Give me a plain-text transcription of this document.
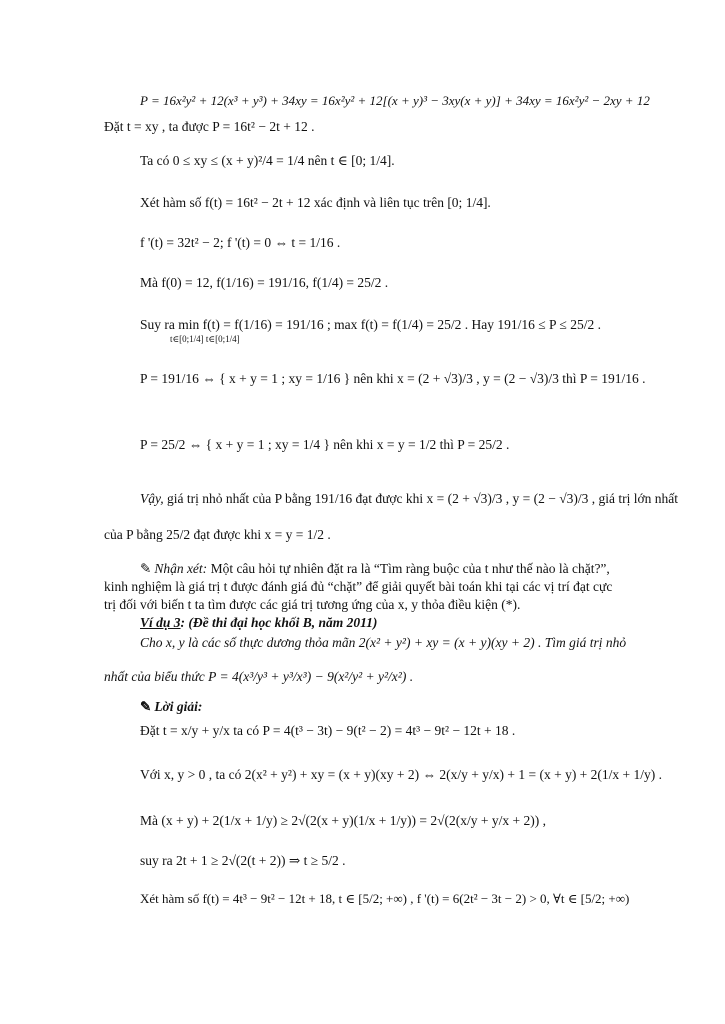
P = 16x²y² + 12(x³ + y³) + 34xy = 16x²y² + 12[(x + y)³ − 3xy(x + y)] + 34xy = 16x²y² − 2xy + 12
Đặt t = xy , ta được P = 16t² − 2t + 12 .
Ta có 0 ≤ xy ≤ (x + y)²/4 = 1/4 nên t ∈ [0; 1/4].
Xét hàm số f(t) = 16t² − 2t + 12 xác định và liên tục trên [0; 1/4].
f '(t) = 32t² − 2; f '(t) = 0 ⇔ t = 1/16 .
Mà f(0) = 12, f(1/16) = 191/16, f(1/4) = 25/2 .
Suy ra min f(t) = f(1/16) = 191/16 ; max f(t) = f(1/4) = 25/2 . Hay 191/16 ≤ P ≤ 25/2 .
t∈[0;1/4] t∈[0;1/4]
P = 191/16 ⇔ { x + y = 1 ; xy = 1/16 } nên khi x = (2 + √3)/3 , y = (2 − √3)/3 thì P = 191/16 .
P = 25/2 ⇔ { x + y = 1 ; xy = 1/4 } nên khi x = y = 1/2 thì P = 25/2 .
Vậy, giá trị nhỏ nhất của P bằng 191/16 đạt được khi x = (2 + √3)/3 , y = (2 − √3)/3 , giá trị lớn nhất
của P bằng 25/2 đạt được khi x = y = 1/2 .
✎ Nhận xét: Một câu hỏi tự nhiên đặt ra là “Tìm ràng buộc của t như thế nào là chặt?”,
kinh nghiệm là giá trị t được đánh giá đủ “chặt” để giải quyết bài toán khi tại các vị trí đạt cực
trị đối với biến t ta tìm được các giá trị tương ứng của x, y thỏa điều kiện (*).
Ví dụ 3: (Đề thi đại học khối B, năm 2011)
Cho x, y là các số thực dương thỏa mãn 2(x² + y²) + xy = (x + y)(xy + 2) . Tìm giá trị nhỏ
nhất của biểu thức P = 4(x³/y³ + y³/x³) − 9(x²/y² + y²/x²) .
✎ Lời giải:
Đặt t = x/y + y/x ta có P = 4(t³ − 3t) − 9(t² − 2) = 4t³ − 9t² − 12t + 18 .
Với x, y > 0 , ta có 2(x² + y²) + xy = (x + y)(xy + 2) ⇔ 2(x/y + y/x) + 1 = (x + y) + 2(1/x + 1/y) .
Mà (x + y) + 2(1/x + 1/y) ≥ 2√(2(x + y)(1/x + 1/y)) = 2√(2(x/y + y/x + 2)) ,
suy ra 2t + 1 ≥ 2√(2(t + 2)) ⇒ t ≥ 5/2 .
Xét hàm số f(t) = 4t³ − 9t² − 12t + 18, t ∈ [5/2; +∞) , f '(t) = 6(2t² − 3t − 2) > 0, ∀t ∈ [5/2; +∞)
